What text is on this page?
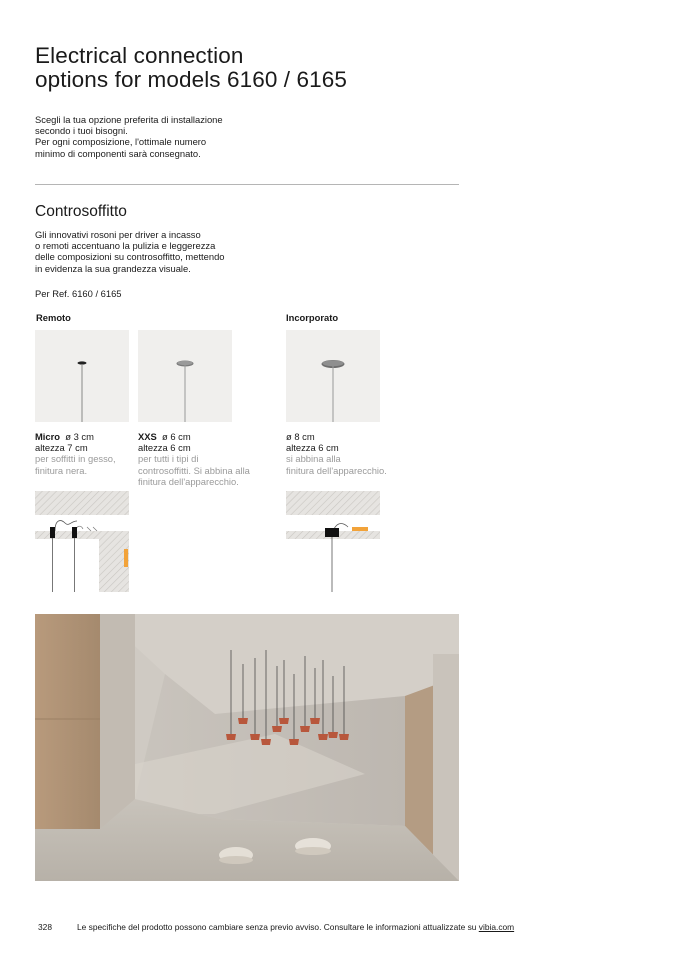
Electrical connection
options for models 6160 / 6165
Scegli la tua opzione preferita di installazione
secondo i tuoi bisogni.
Per ogni composizione, l'ottimale numero
minimo di componenti sarà consegnato.
Controsoffitto
Gli innovativi rosoni per driver a incasso
o remoti accentuano la pulizia e leggerezza
delle composizioni su controsoffitto, mettendo
in evidenza la sua grandezza visuale.
Per Ref. 6160 / 6165
Remoto	Incorporato
Micro ø 3 cm
altezza 7 cm
per soffitti in gesso,
finitura nera.
XXS ø 6 cm
altezza 6 cm
per tutti i tipi di
controsoffitti. Si abbina alla
finitura dell'apparecchio.
ø 8 cm
altezza 6 cm
si abbina alla
finitura dell'apparecchio.
328	Le specifiche del prodotto possono cambiare senza previo avviso. Consultare le informazioni attualizzate su vibia.com
